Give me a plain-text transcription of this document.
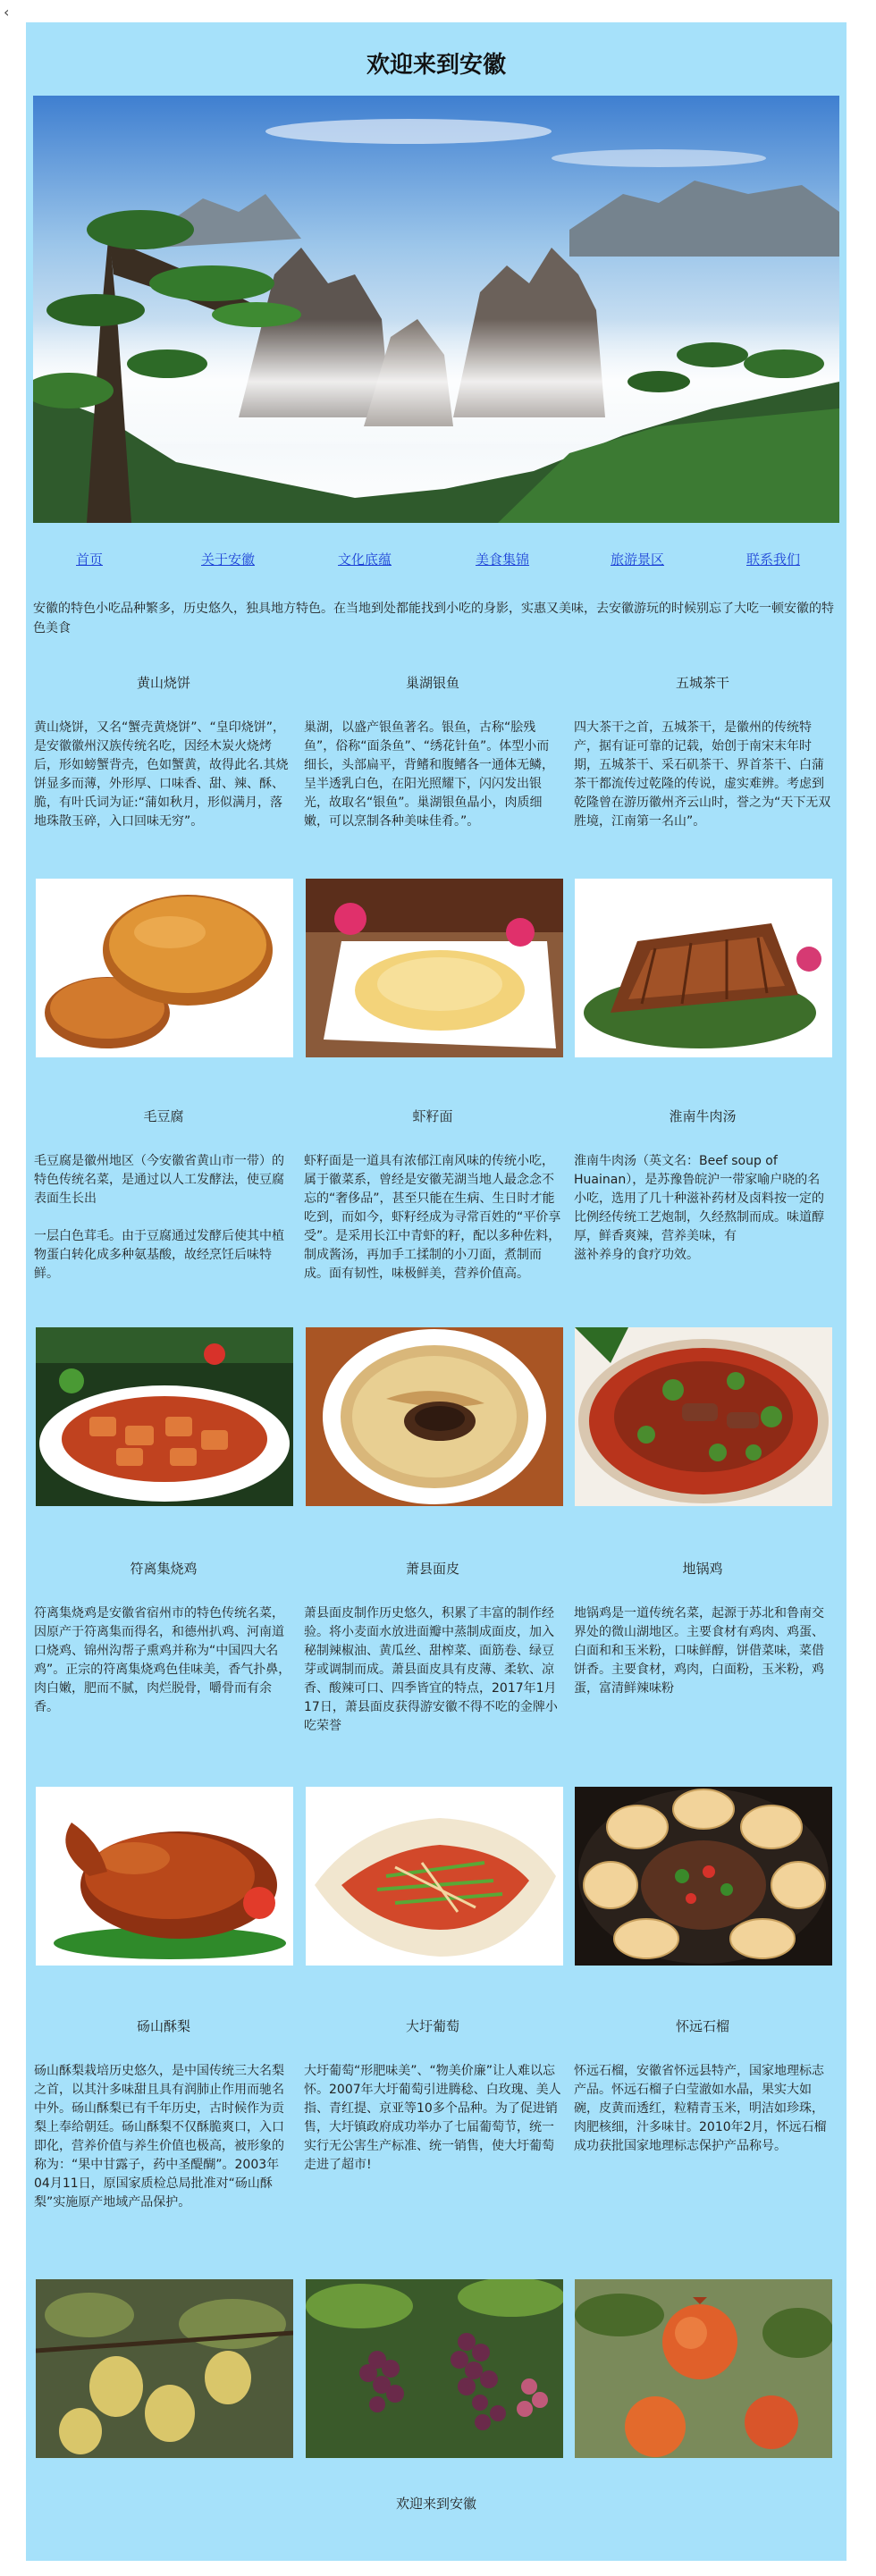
‹
欢迎来到安徽
首页	关于安徽	文化底蕴	美食集锦	旅游景区	联系我们
安徽的特色小吃品种繁多，历史悠久，独具地方特色。在当地到处都能找到小吃的身影，实惠又美味，去安徽游玩的时候别忘了大吃一顿安徽的特色美食
黄山烧饼	巢湖银鱼	五城茶干
黄山烧饼，又名“蟹壳黄烧饼”、“皇印烧饼”，是安徽徽州汉族传统名吃，因经木炭火烧烤后，形如螃蟹背壳，色如蟹黄，故得此名.其烧饼显多而薄，外形厚、口味香、甜、辣、酥、脆，有叶氏词为证:“蒲如秋月，形似满月，落地珠散玉碎，入口回味无穷”。
巢湖，以盛产银鱼著名。银鱼，古称“脍残鱼”，俗称“面条鱼”、“绣花针鱼”。体型小而细长，头部扁平，背鳍和腹鳍各一通体无鳞，呈半透乳白色，在阳光照耀下，闪闪发出银光，故取名“银鱼”。巢湖银鱼晶小，肉质细嫩，可以烹制各种美味佳肴。”。
四大茶干之首，五城茶干，是徽州的传统特产，据有证可靠的记载，始创于南宋末年时期，五城茶干、采石矶茶干、界首茶干、白蒲茶干都流传过乾隆的传说，虚实难辨。考虑到乾隆曾在游历徽州齐云山时，誉之为“天下无双胜境，江南第一名山”。
毛豆腐	虾籽面	淮南牛肉汤
毛豆腐是徽州地区（今安徽省黄山市一带）的特色传统名菜，是通过以人工发酵法，使豆腐表面生长出

一层白色茸毛。由于豆腐通过发酵后使其中植物蛋白转化成多种氨基酸，故经烹饪后味特鲜。
虾籽面是一道具有浓郁江南风味的传统小吃，属于徽菜系，曾经是安徽芜湖当地人最念念不忘的“奢侈品”，甚至只能在生病、生日时才能吃到，而如今，虾籽经成为寻常百姓的“平价享受”。是采用长江中青虾的籽，配以多种佐料，制成酱汤，再加手工揉制的小刀面，煮制而成。面有韧性，味极鲜美，营养价值高。
淮南牛肉汤（英文名：Beef soup of Huainan），是苏豫鲁皖沪一带家喻户晓的名小吃，选用了几十种滋补药材及卤料按一定的比例经传统工艺炮制，久经熬制而成。味道醇厚，鲜香爽辣，营养美味，有
滋补养身的食疗功效。
符离集烧鸡	萧县面皮	地锅鸡
符离集烧鸡是安徽省宿州市的特色传统名菜，因原产于符离集而得名，和德州扒鸡、河南道口烧鸡、锦州沟帮子熏鸡并称为“中国四大名鸡”。正宗的符离集烧鸡色佳味美，香气扑鼻，肉白嫩，肥而不腻，肉烂脱骨，嚼骨而有余香。
萧县面皮制作历史悠久，积累了丰富的制作经验。将小麦面水放进面瓣中蒸制成面皮，加入秘制辣椒油、黄瓜丝、甜榨菜、面筋卷、绿豆芽或调制而成。萧县面皮具有皮薄、柔软、凉香、酸辣可口、四季皆宜的特点，2017年1月17日，萧县面皮获得游安徽不得不吃的金牌小吃荣誉
地锅鸡是一道传统名菜，起源于苏北和鲁南交界处的微山湖地区。主要食材有鸡肉、鸡蛋、白面和和玉米粉，口味鲜醇，饼借菜味，菜借饼香。主要食材，鸡肉，白面粉，玉米粉，鸡蛋，富清鲜辣味粉
砀山酥梨	大圩葡萄	怀远石榴
砀山酥梨栽培历史悠久，是中国传统三大名梨之首，以其汁多味甜且具有润肺止作用而驰名中外。砀山酥梨已有千年历史，古时候作为贡梨上奉给朝廷。砀山酥梨不仅酥脆爽口，入口即化，营养价值与养生价值也极高，被形象的称为：“果中甘露子，药中圣醍醐”。2003年04月11日，原国家质检总局批准对“砀山酥梨”实施原产地域产品保护。
大圩葡萄“形肥味美”、“物美价廉”让人难以忘怀。2007年大圩葡萄引进腾稔、白玫瑰、美人指、青红提、京亚等10多个品种。为了促进销售，大圩镇政府成功举办了七届葡萄节，统一实行无公害生产标准、统一销售，使大圩葡萄走进了超市!
怀远石榴，安徽省怀远县特产，国家地理标志产品。怀远石榴子白莹澈如水晶，果实大如碗，皮黄而透红，粒精青玉米，明洁如珍珠，肉肥核细，汁多味甘。2010年2月，怀远石榴成功获批国家地理标志保护产品称号。
欢迎来到安徽
